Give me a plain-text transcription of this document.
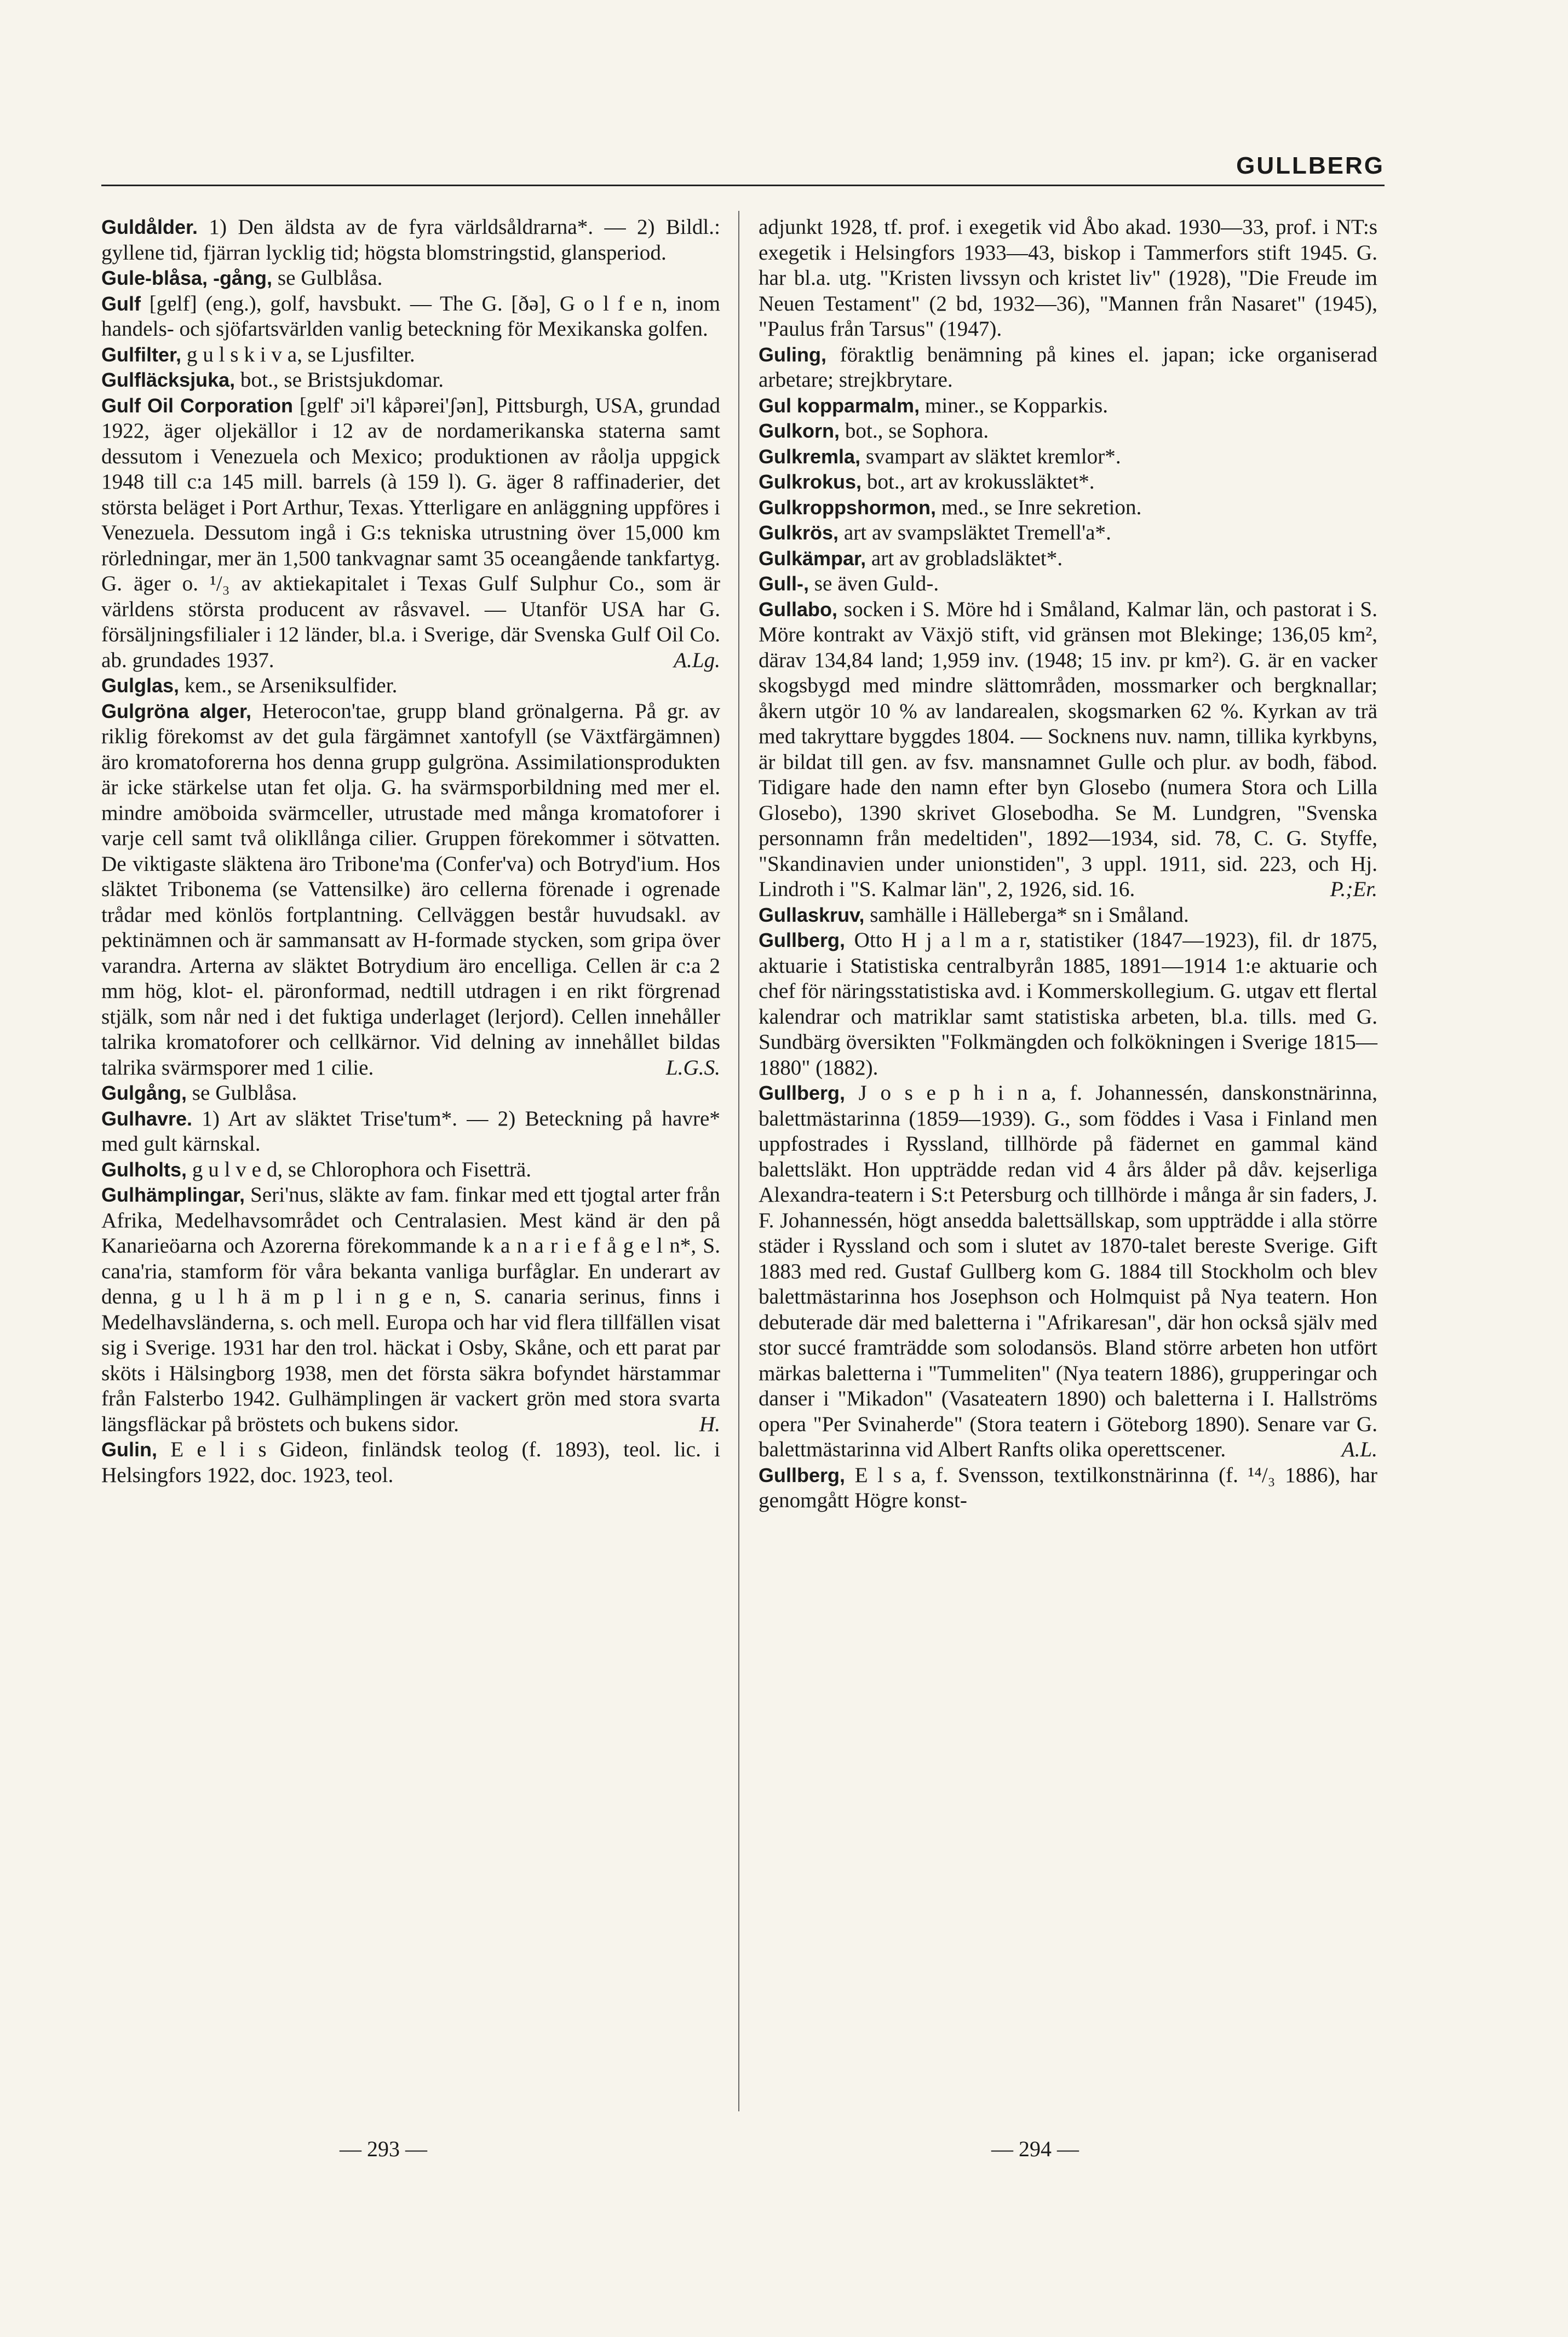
GULLBERG

Guldålder. 1) Den äldsta av de fyra världsåldrarna*. — 2) Bildl.: gyllene tid, fjärran lycklig tid; högsta blomstringstid, glansperiod.

Gule-blåsa, -gång, se Gulblåsa.

Gulf [gɐlf] (eng.), golf, havsbukt. — The G. [ðə], G o l f e n, inom handels- och sjöfartsvärlden vanlig beteckning för Mexikanska golfen.

Gulfilter, g u l s k i v a, se Ljusfilter.

Gulfläcksjuka, bot., se Bristsjukdomar.

Gulf Oil Corporation [gɐlf' ɔi'l kåpərei'ʃən], Pittsburgh, USA, grundad 1922, äger oljekällor i 12 av de nordamerikanska staterna samt dessutom i Venezuela och Mexico; produktionen av råolja uppgick 1948 till c:a 145 mill. barrels (à 159 l). G. äger 8 raffinaderier, det största beläget i Port Arthur, Texas. Ytterligare en anläggning uppföres i Venezuela. Dessutom ingå i G:s tekniska utrustning över 15,000 km rörledningar, mer än 1,500 tankvagnar samt 35 oceangående tankfartyg. G. äger o. ¹/₃ av aktiekapitalet i Texas Gulf Sulphur Co., som är världens största producent av råsvavel. — Utanför USA har G. försäljningsfilialer i 12 länder, bl.a. i Sverige, där Svenska Gulf Oil Co. ab. grundades 1937.	A.Lg.

Gulglas, kem., se Arseniksulfider.

Gulgröna alger, Heterocon'tae, grupp bland grönalgerna. På gr. av riklig förekomst av det gula färgämnet xantofyll (se Växtfärgämnen) äro kromatoforerna hos denna grupp gulgröna. Assimilationsprodukten är icke stärkelse utan fet olja. G. ha svärmsporbildning med mer el. mindre amöboida svärmceller, utrustade med många kromatoforer i varje cell samt två olikllånga cilier. Gruppen förekommer i sötvatten. De viktigaste släktena äro Tribone'ma (Confer'va) och Botryd'ium. Hos släktet Tribonema (se Vattensilke) äro cellerna förenade i ogrenade trådar med könlös fortplantning. Cellväggen består huvudsakl. av pektinämnen och är sammansatt av H-formade stycken, som gripa över varandra. Arterna av släktet Botrydium äro encelliga. Cellen är c:a 2 mm hög, klot- el. päronformad, nedtill utdragen i en rikt förgrenad stjälk, som når ned i det fuktiga underlaget (lerjord). Cellen innehåller talrika kromatoforer och cellkärnor. Vid delning av innehållet bildas talrika svärmsporer med 1 cilie.	L.G.S.

Gulgång, se Gulblåsa.

Gulhavre. 1) Art av släktet Trise'tum*. — 2) Beteckning på havre* med gult kärnskal.

Gulholts, g u l v e d, se Chlorophora och Fisetträ.

Gulhämplingar, Seri'nus, släkte av fam. finkar med ett tjogtal arter från Afrika, Medelhavsområdet och Centralasien. Mest känd är den på Kanarieöarna och Azorerna förekommande k a n a r i e f å g e l n*, S. cana'ria, stamform för våra bekanta vanliga burfåglar. En underart av denna, g u l h ä m p l i n g e n, S. canaria serinus, finns i Medelhavsländerna, s. och mell. Europa och har vid flera tillfällen visat sig i Sverige. 1931 har den trol. häckat i Osby, Skåne, och ett parat par sköts i Hälsingborg 1938, men det första säkra bofyndet härstammar från Falsterbo 1942. Gulhämplingen är vackert grön med stora svarta längsfläckar på bröstets och bukens sidor.	H.

Gulin, E e l i s Gideon, finländsk teolog (f. 1893), teol. lic. i Helsingfors 1922, doc. 1923, teol.

adjunkt 1928, tf. prof. i exegetik vid Åbo akad. 1930—33, prof. i NT:s exegetik i Helsingfors 1933—43, biskop i Tammerfors stift 1945. G. har bl.a. utg. "Kristen livssyn och kristet liv" (1928), "Die Freude im Neuen Testament" (2 bd, 1932—36), "Mannen från Nasaret" (1945), "Paulus från Tarsus" (1947).

Guling, föraktlig benämning på kines el. japan; icke organiserad arbetare; strejkbrytare.

Gul kopparmalm, miner., se Kopparkis.

Gulkorn, bot., se Sophora.

Gulkremla, svampart av släktet kremlor*.

Gulkrokus, bot., art av krokussläktet*.

Gulkroppshormon, med., se Inre sekretion.

Gulkrös, art av svampsläktet Tremell'a*.

Gulkämpar, art av grobladsläktet*.

Gull-, se även Guld-.

Gullabo, socken i S. Möre hd i Småland, Kalmar län, och pastorat i S. Möre kontrakt av Växjö stift, vid gränsen mot Blekinge; 136,05 km², därav 134,84 land; 1,959 inv. (1948; 15 inv. pr km²). G. är en vacker skogsbygd med mindre slättområden, mossmarker och bergknallar; åkern utgör 10 % av landarealen, skogsmarken 62 %. Kyrkan av trä med takryttare byggdes 1804. — Socknens nuv. namn, tillika kyrkbyns, är bildat till gen. av fsv. mansnamnet Gulle och plur. av bodh, fäbod. Tidigare hade den namn efter byn Glosebo (numera Stora och Lilla Glosebo), 1390 skrivet Glosebodha. Se M. Lundgren, "Svenska personnamn från medeltiden", 1892—1934, sid. 78, C. G. Styffe, "Skandinavien under unionstiden", 3 uppl. 1911, sid. 223, och Hj. Lindroth i "S. Kalmar län", 2, 1926, sid. 16.	P.;Er.

Gullaskruv, samhälle i Hälleberga* sn i Småland.

Gullberg, Otto H j a l m a r, statistiker (1847—1923), fil. dr 1875, aktuarie i Statistiska centralbyrån 1885, 1891—1914 1:e aktuarie och chef för näringsstatistiska avd. i Kommerskollegium. G. utgav ett flertal kalendrar och matriklar samt statistiska arbeten, bl.a. tills. med G. Sundbärg översikten "Folkmängden och folkökningen i Sverige 1815—1880" (1882).

Gullberg, J o s e p h i n a, f. Johannessén, danskonstnärinna, balettmästarinna (1859—1939). G., som föddes i Vasa i Finland men uppfostrades i Ryssland, tillhörde på fädernet en gammal känd balettsläkt. Hon uppträdde redan vid 4 års ålder på dåv. kejserliga Alexandra-teatern i S:t Petersburg och tillhörde i många år sin faders, J. F. Johannessén, högt ansedda balettsällskap, som uppträdde i alla större städer i Ryssland och som i slutet av 1870-talet bereste Sverige. Gift 1883 med red. Gustaf Gullberg kom G. 1884 till Stockholm och blev balettmästarinna hos Josephson och Holmquist på Nya teatern. Hon debuterade där med baletterna i "Afrikaresan", där hon också själv med stor succé framträdde som solodansös. Bland större arbeten hon utfört märkas baletterna i "Tummeliten" (Nya teatern 1886), grupperingar och danser i "Mikadon" (Vasateatern 1890) och baletterna i I. Hallströms opera "Per Svinaherde" (Stora teatern i Göteborg 1890). Senare var G. balettmästarinna vid Albert Ranfts olika operettscener.	A.L.

Gullberg, E l s a, f. Svensson, textilkonstnärinna (f. ¹⁴/₃ 1886), har genomgått Högre konst-

— 293 —	— 294 —
